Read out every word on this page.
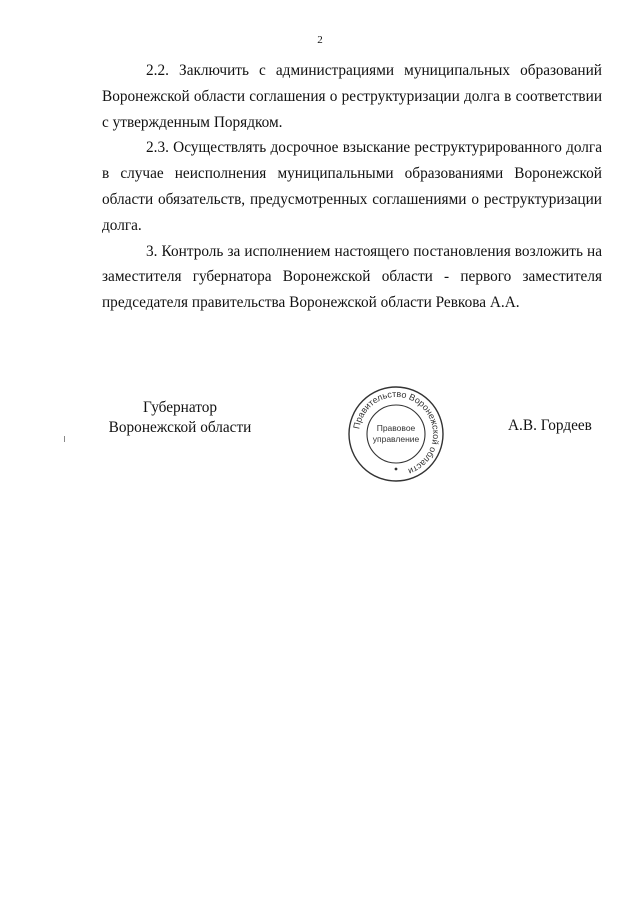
2

2.2. Заключить с администрациями муниципальных образований Воронежской области соглашения о реструктуризации долга в соответствии с утвержденным Порядком.

2.3. Осуществлять досрочное взыскание реструктурированного долга в случае неисполнения муниципальными образованиями Воронежской области обязательств, предусмотренных соглашениями о реструктуризации долга.

3. Контроль за исполнением настоящего постановления возложить на заместителя губернатора Воронежской области - первого заместителя председателя правительства Воронежской области Ревкова А.А.

Губернатор
Воронежской области	Правительство Воронежской области
Правовое
управление
А.В. Гордеев
